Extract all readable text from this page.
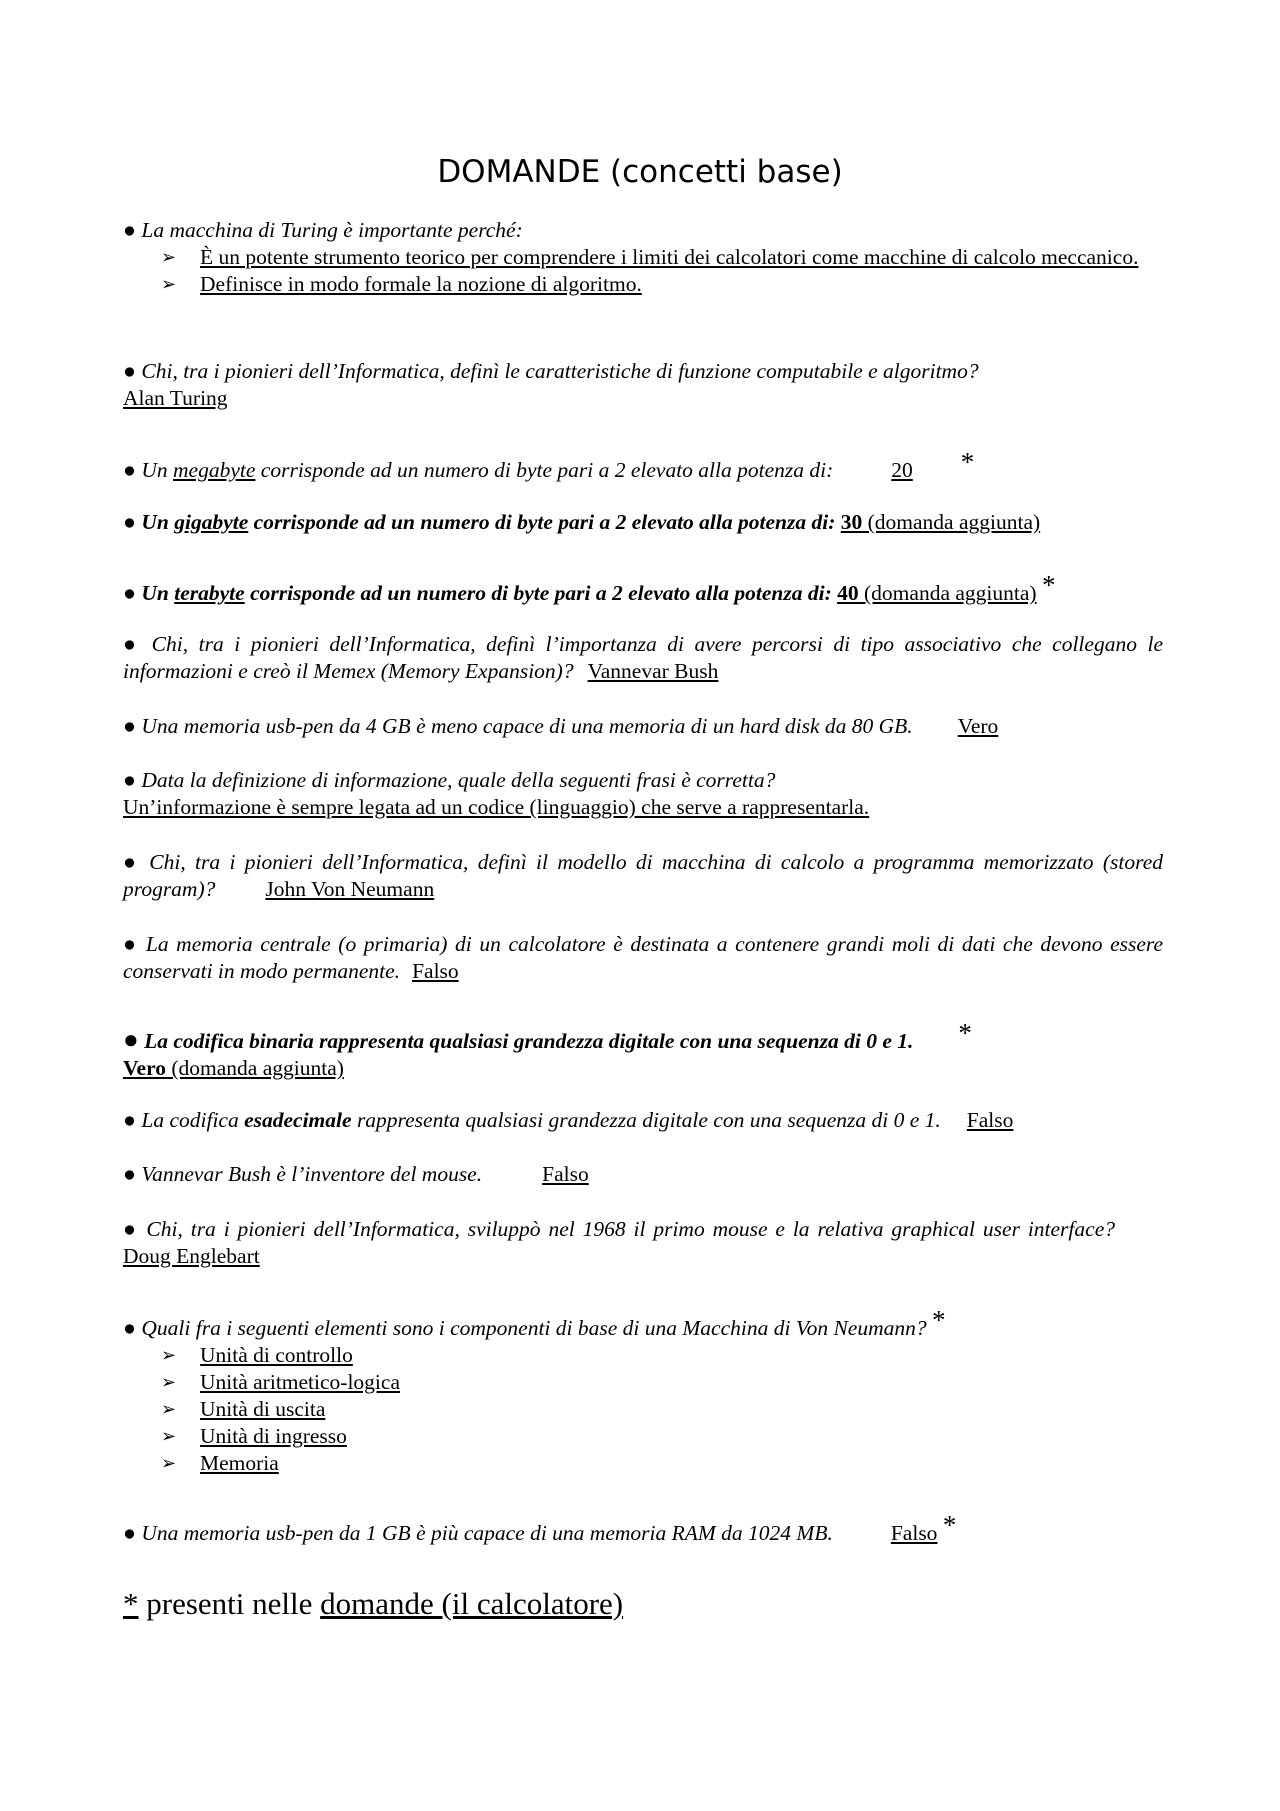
DOMANDE (concetti base)
● La macchina di Turing è importante perché:
➢ È un potente strumento teorico per comprendere i limiti dei calcolatori come macchine di calcolo meccanico.
➢ Definisce in modo formale la nozione di algoritmo.
● Chi, tra i pionieri dell’Informatica, definì le caratteristiche di funzione computabile e algoritmo?
Alan Turing
● Un megabyte corrisponde ad un numero di byte pari a 2 elevato alla potenza di:	20 *
● Un gigabyte corrisponde ad un numero di byte pari a 2 elevato alla potenza di: 30 (domanda aggiunta)
● Un terabyte corrisponde ad un numero di byte pari a 2 elevato alla potenza di: 40 (domanda aggiunta) *
● Chi, tra i pionieri dell’Informatica, definì l’importanza di avere percorsi di tipo associativo che collegano le informazioni e creò il Memex (Memory Expansion)? Vannevar Bush
● Una memoria usb-pen da 4 GB è meno capace di una memoria di un hard disk da 80 GB. Vero
● Data la definizione di informazione, quale della seguenti frasi è corretta?
Un’informazione è sempre legata ad un codice (linguaggio) che serve a rappresentarla.
● Chi, tra i pionieri dell’Informatica, definì il modello di macchina di calcolo a programma memorizzato (stored program)? John Von Neumann
● La memoria centrale (o primaria) di un calcolatore è destinata a contenere grandi moli di dati che devono essere conservati in modo permanente. Falso
● La codifica binaria rappresenta qualsiasi grandezza digitale con una sequenza di 0 e 1. *
Vero (domanda aggiunta)
● La codifica esadecimale rappresenta qualsiasi grandezza digitale con una sequenza di 0 e 1. Falso
● Vannevar Bush è l’inventore del mouse.	Falso
● Chi, tra i pionieri dell’Informatica, sviluppò nel 1968 il primo mouse e la relativa graphical user interface?Doug Englebart
● Quali fra i seguenti elementi sono i componenti di base di una Macchina di Von Neumann? *
➢ Unità di controllo
➢ Unità aritmetico-logica
➢ Unità di uscita
➢ Unità di ingresso
➢ Memoria
● Una memoria usb-pen da 1 GB è più capace di una memoria RAM da 1024 MB.	Falso *
* presenti nelle domande (il calcolatore)
